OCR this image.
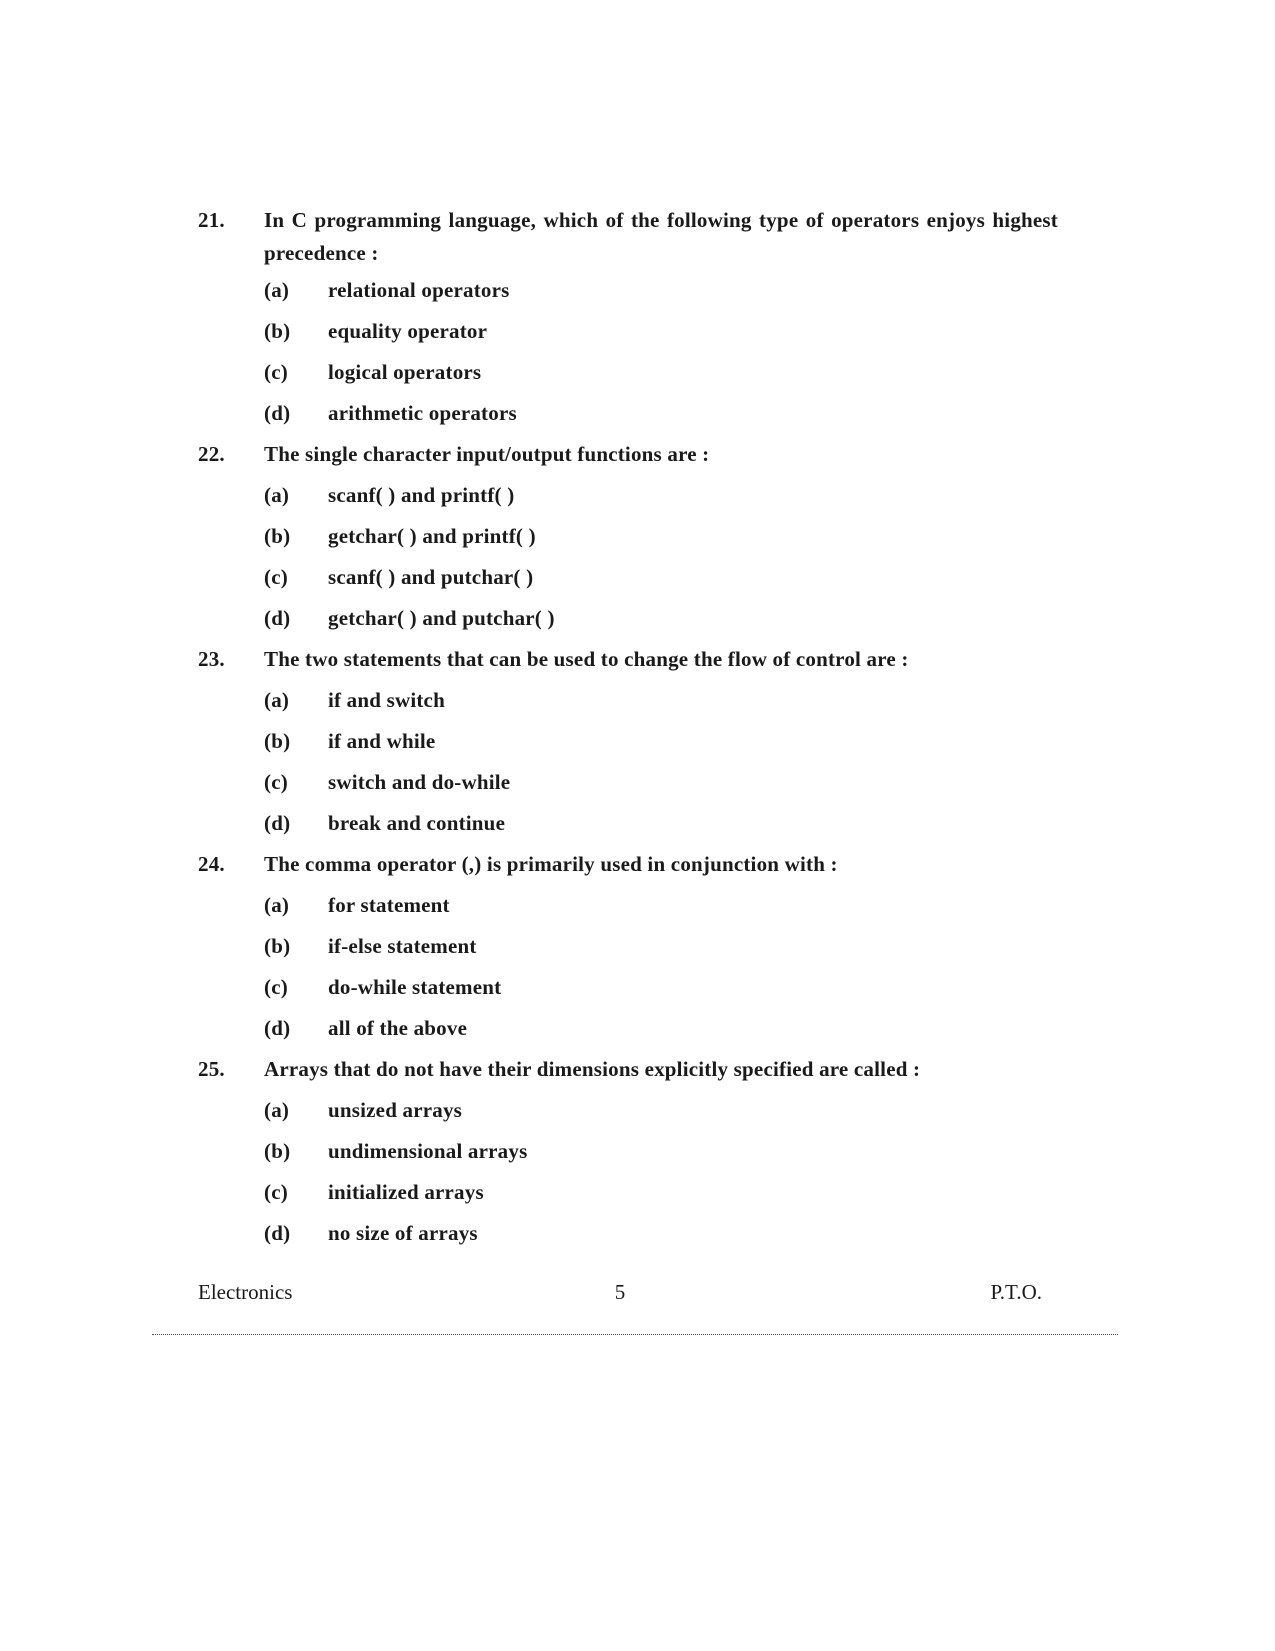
21.	In C programming language, which of the following type of operators enjoys highest precedence :
(a)	relational operators
(b)	equality operator
(c)	logical operators
(d)	arithmetic operators
22.	The single character input/output functions are :
(a)	scanf( ) and printf( )
(b)	getchar( ) and printf( )
(c)	scanf( ) and putchar( )
(d)	getchar( ) and putchar( )
23.	The two statements that can be used to change the flow of control are :
(a)	if and switch
(b)	if and while
(c)	switch and do-while
(d)	break and continue
24.	The comma operator (,) is primarily used in conjunction with :
(a)	for statement
(b)	if-else statement
(c)	do-while statement
(d)	all of the above
25.	Arrays that do not have their dimensions explicitly specified are called :
(a)	unsized arrays
(b)	undimensional arrays
(c)	initialized arrays
(d)	no size of arrays
Electronics	5	P.T.O.
